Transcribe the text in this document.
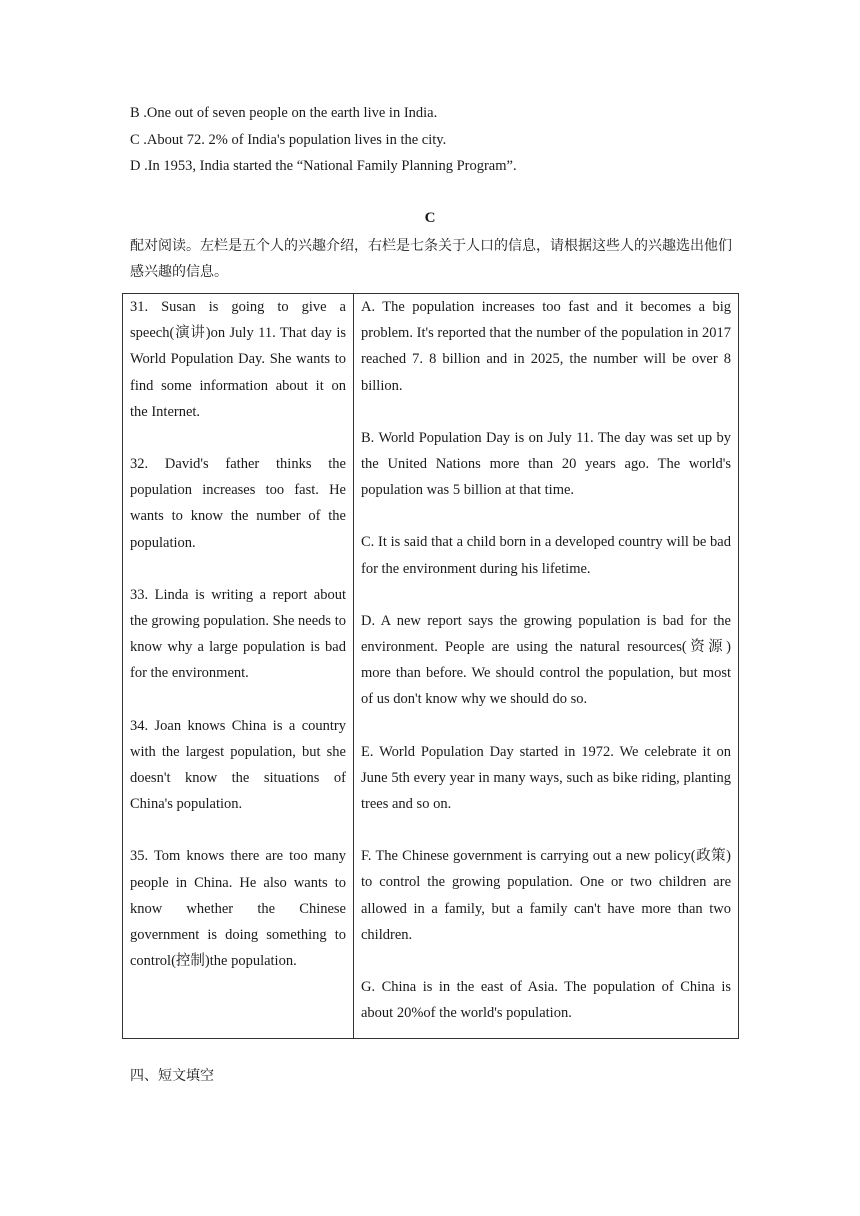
B .One out of seven people on the earth live in India.
C .About 72. 2% of India's population lives in the city.
D .In 1953, India started the “National Family Planning Program”.
C
配对阅读。左栏是五个人的兴趣介绍，右栏是七条关于人口的信息，请根据这些人的兴趣选出他们感兴趣的信息。
31. Susan is going to give a speech(演讲)on July 11. That day is World Population Day. She wants to find some information about it on the Internet.
32. David's father thinks the population increases too fast. He wants to know the number of the population.
33. Linda is writing a report about the growing population. She needs to know why a large population is bad for the environment.
34. Joan knows China is a country with the largest population, but she doesn't know the situations of China's population.
35. Tom knows there are too many people in China. He also wants to know whether the Chinese government is doing something to control(控制)the population.

A. The population increases too fast and it becomes a big problem. It's reported that the number of the population in 2017 reached 7. 8 billion and in 2025, the number will be over 8 billion.
B. World Population Day is on July 11. The day was set up by the United Nations more than 20 years ago. The world's population was 5 billion at that time.
C. It is said that a child born in a developed country will be bad for the environment during his lifetime.
D. A new report says the growing population is bad for the environment. People are using the natural resources(资源) more than before. We should control the population, but most of us don't know why we should do so.
E. World Population Day started in 1972. We celebrate it on June 5th every year in many ways, such as bike riding, planting trees and so on.
F. The Chinese government is carrying out a new policy(政策) to control the growing population. One or two children are allowed in a family, but a family can't have more than two children.
G. China is in the east of Asia. The population of China is about 20%of the world's population.
四、短文填空
